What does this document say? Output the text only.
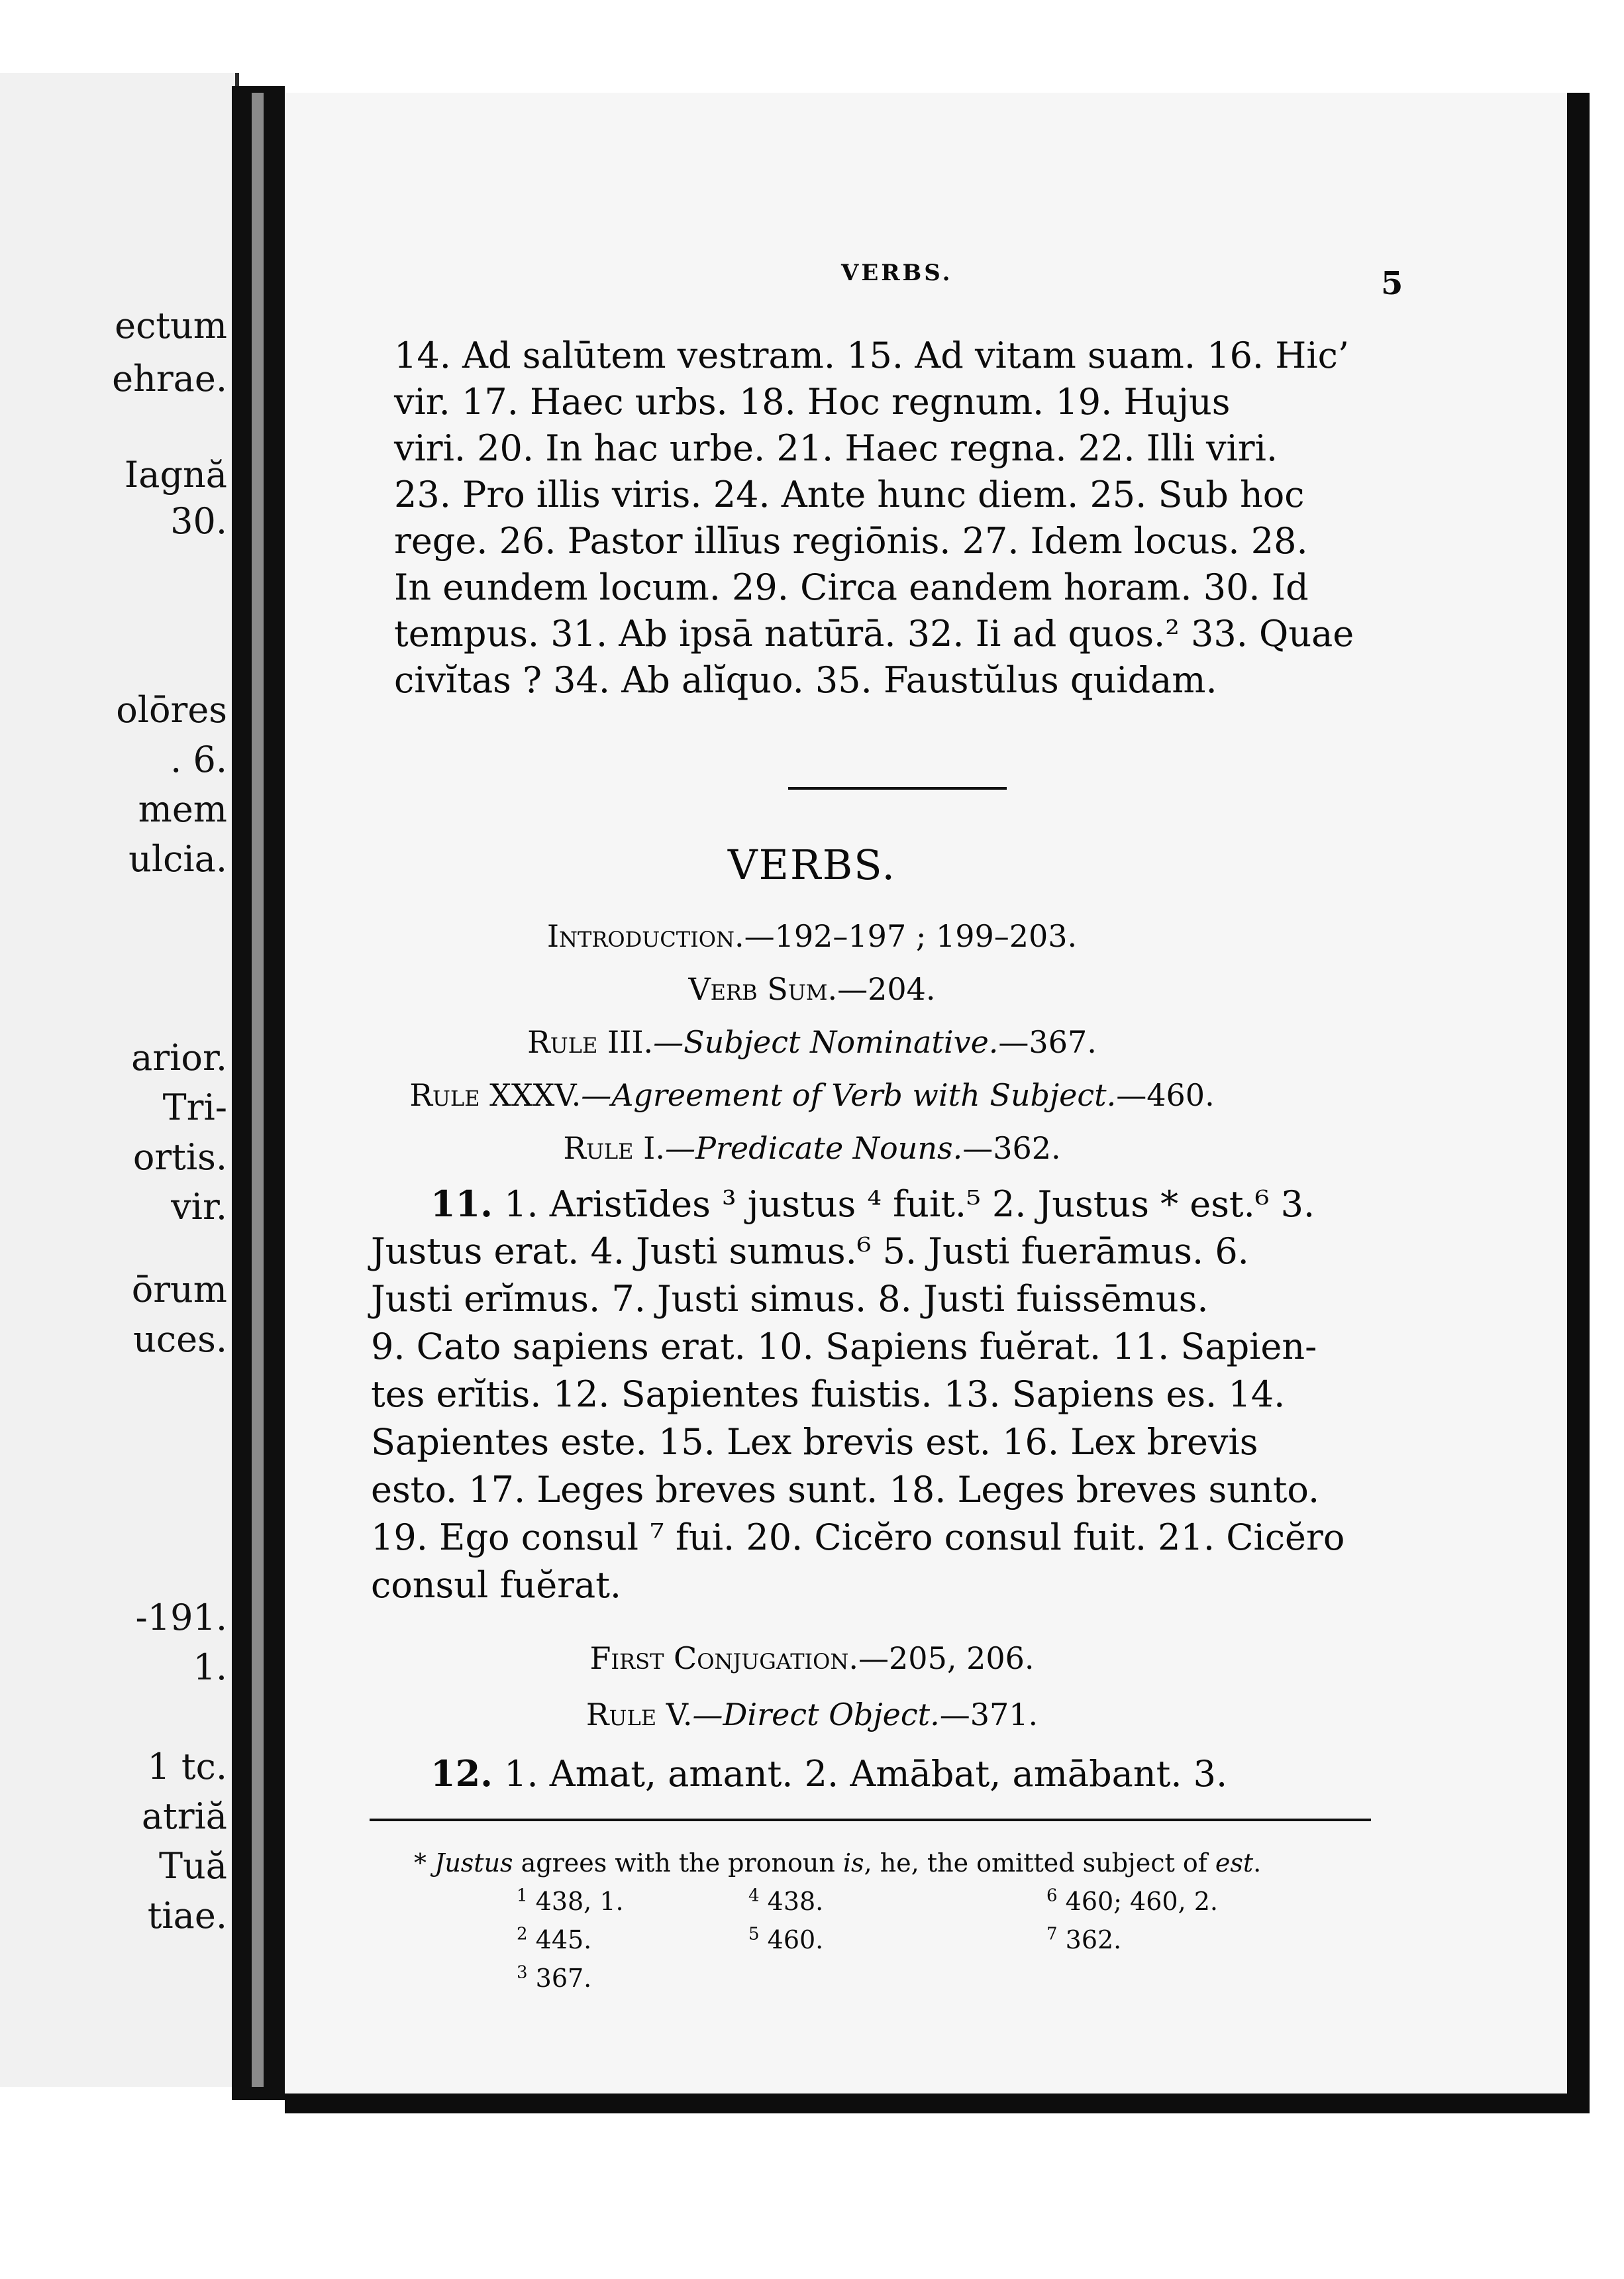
ectum
ehrae.
Iagnă
30.
olōres
. 6.
mem
ulcia.
arior.
Tri-
ortis.
vir.
ōrum
uces.
-191.
1.
1 tc.
atriă
Tuă
tiae.
VERBS.	5
14. Ad salūtem vestram. 15. Ad vitam suam. 16. Hic’
vir. 17. Haec urbs. 18. Hoc regnum. 19. Hujus
viri. 20. In hac urbe. 21. Haec regna. 22. Illi viri.
23. Pro illis viris. 24. Ante hunc diem. 25. Sub hoc
rege. 26. Pastor illīus regiōnis. 27. Idem locus. 28.
In eundem locum. 29. Circa eandem horam. 30. Id
tempus. 31. Ab ipsā natūrā. 32. Ii ad quos.² 33. Quae
civĭtas ? 34. Ab alĭquo. 35. Faustŭlus quidam.
VERBS.
Introduction.—192–197 ; 199–203.
Verb Sum.—204.
Rule III.—Subject Nominative.—367.
Rule XXXV.—Agreement of Verb with Subject.—460.
Rule I.—Predicate Nouns.—362.
11. 1. Aristīdes ³ justus ⁴ fuit.⁵ 2. Justus * est.⁶ 3.
Justus erat. 4. Justi sumus.⁶ 5. Justi fuerāmus. 6.
Justi erĭmus. 7. Justi simus. 8. Justi fuissēmus.
9. Cato sapiens erat. 10. Sapiens fuĕrat. 11. Sapien-
tes erĭtis. 12. Sapientes fuistis. 13. Sapiens es. 14.
Sapientes este. 15. Lex brevis est. 16. Lex brevis
esto. 17. Leges breves sunt. 18. Leges breves sunto.
19. Ego consul ⁷ fui. 20. Cicĕro consul fuit. 21. Cicĕro
consul fuĕrat.
First Conjugation.—205, 206.
Rule V.—Direct Object.—371.
12. 1. Amat, amant. 2. Amābat, amābant. 3.
* Justus agrees with the pronoun is, he, the omitted subject of est.
$^1$ 438, 1.
$^2$ 445.
$^3$ 367.
$^4$ 438.
$^5$ 460.
$^6$ 460; 460, 2.
$^7$ 362.
